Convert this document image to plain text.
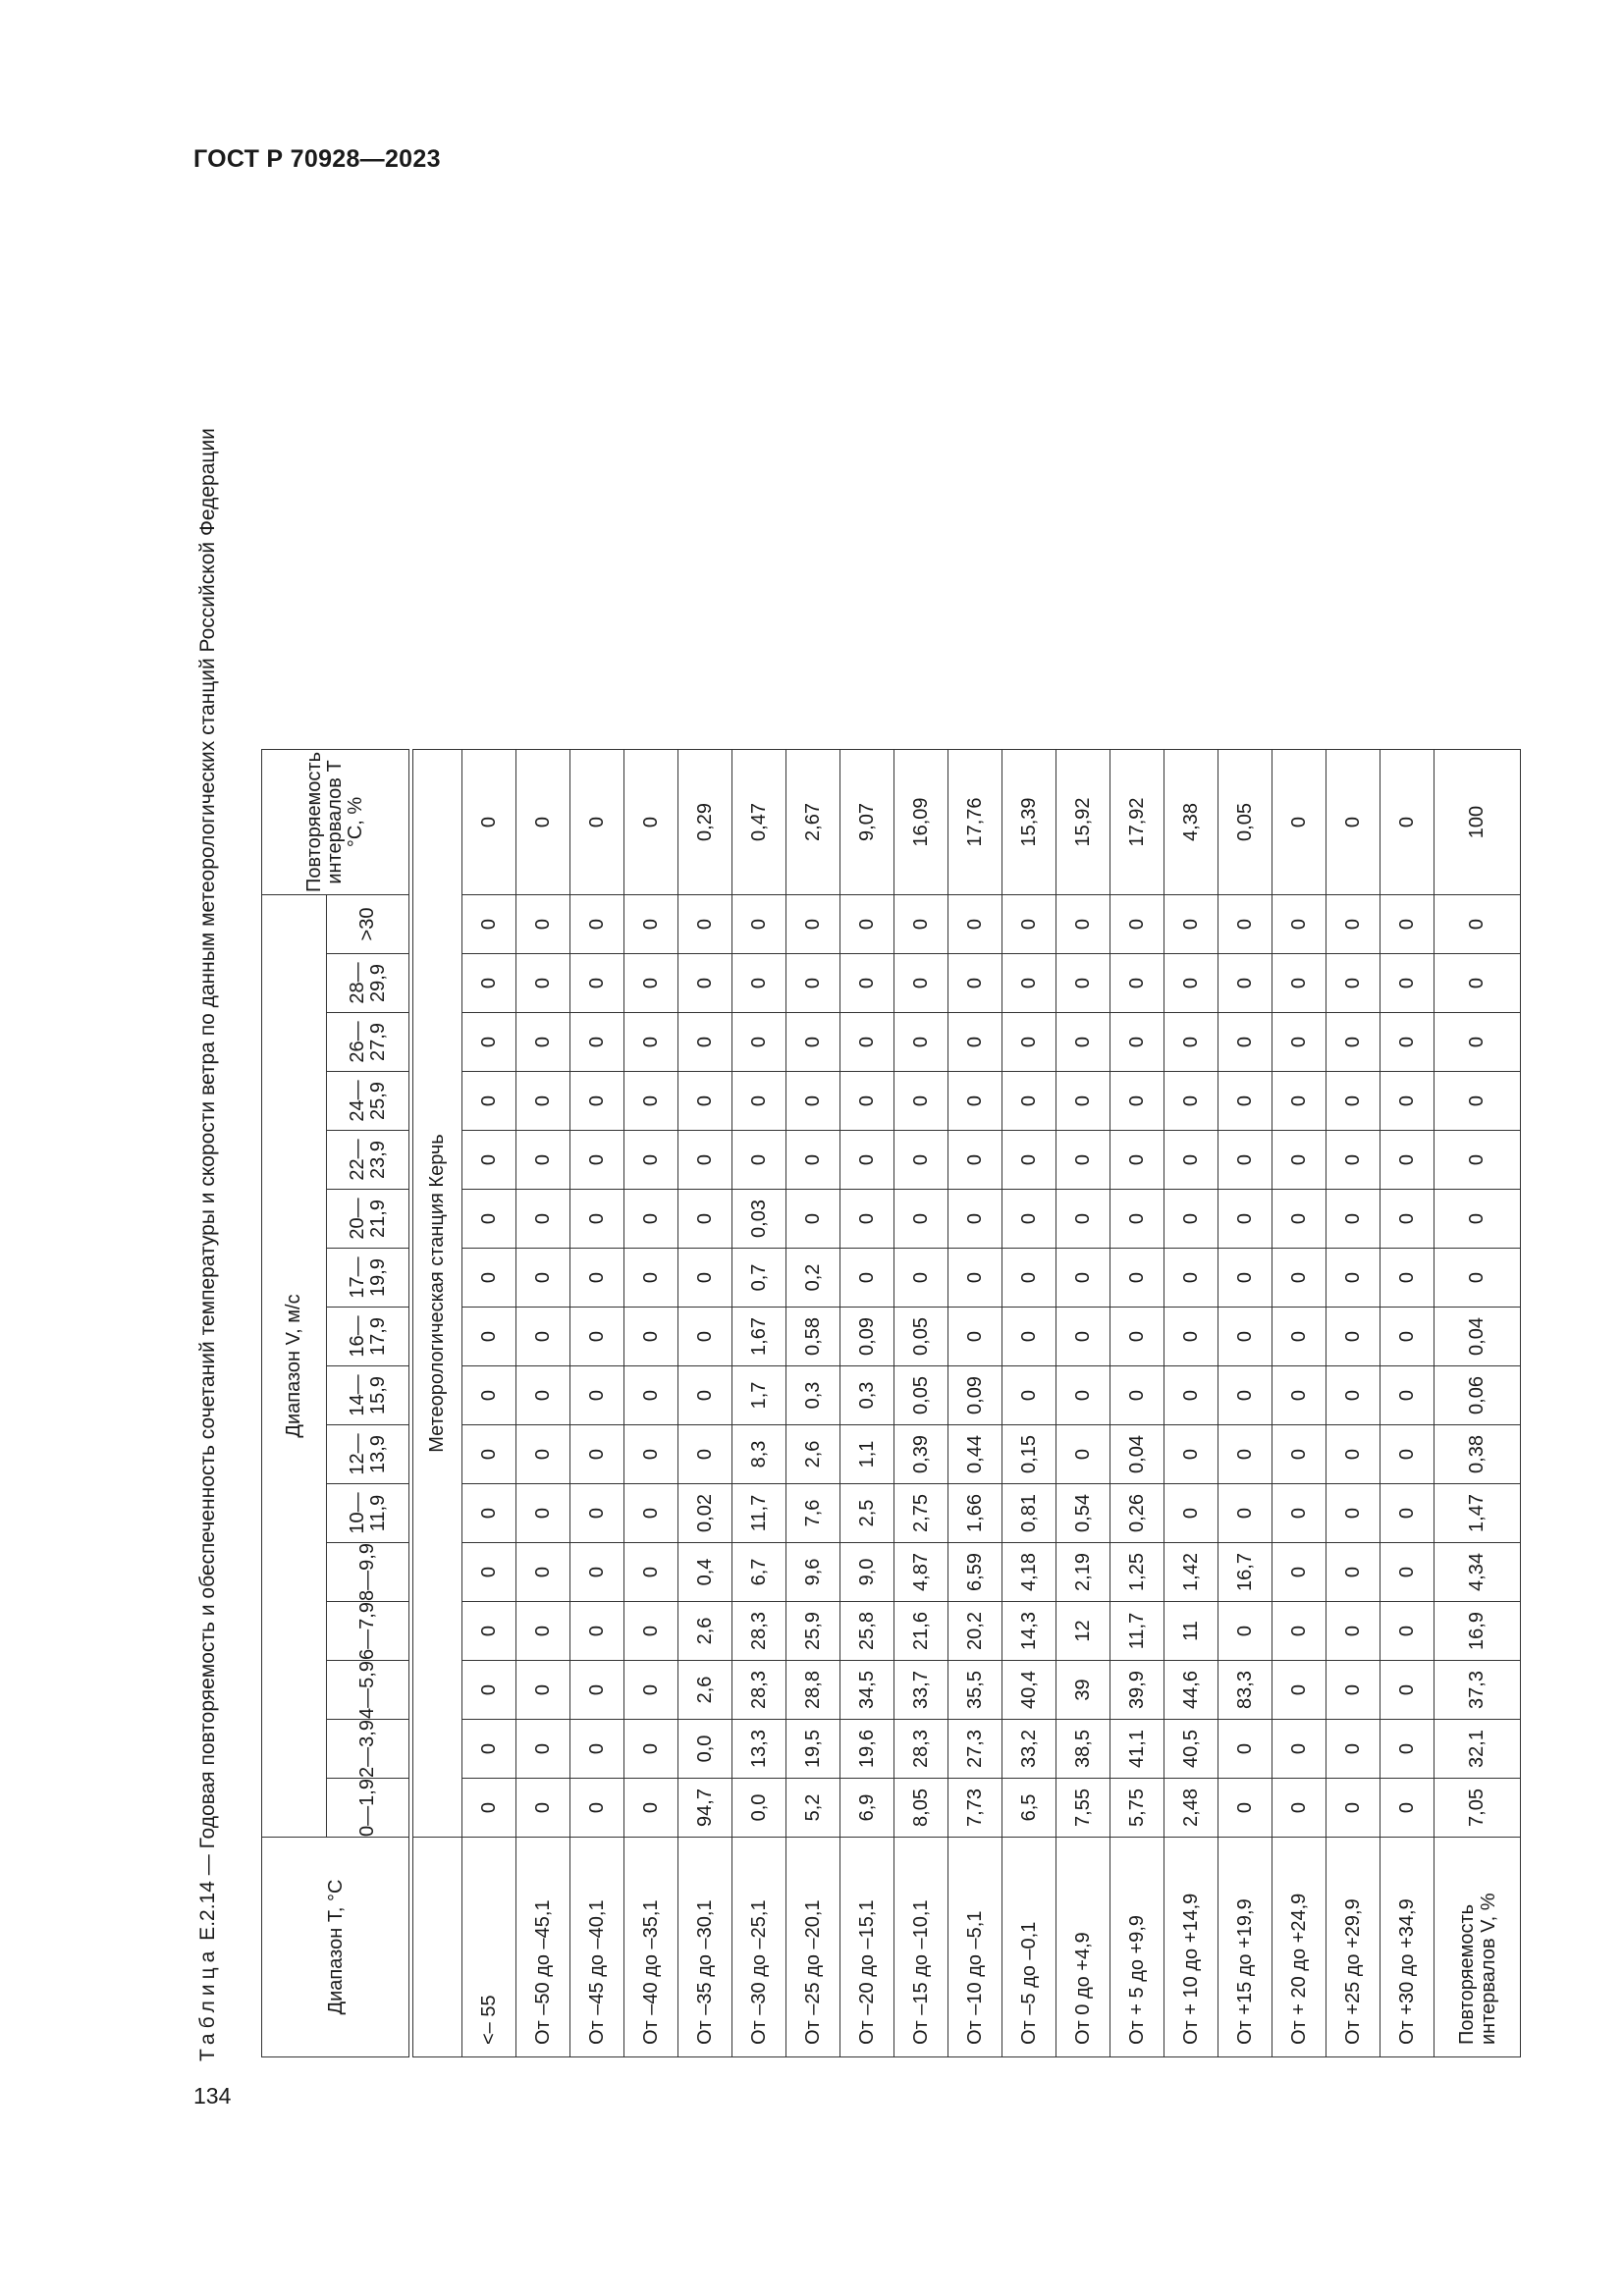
ГОСТ Р 70928—2023
134
Таблица Е.2.14 — Годовая повторяемость и обеспеченность сочетаний температуры и скорости ветра по данным метеорологических станций Российской Федерации
Диапазон T, °С	Диапазон V, м/с																Повторяемость интервалов T °С, %
	0—1,9	2—3,9	4—5,9	6—7,9	8—9,9	10—11,9	12—13,9	14—15,9	16—17,9	17—19,9	20—21,9	22—23,9	24—25,9	26—27,9	28—29,9	>30	

	Метеорологическая станция Керчь																
<– 55	0	0	0	0	0	0	0	0	0	0	0	0	0	0	0	0	0
От –50 до –45,1	0	0	0	0	0	0	0	0	0	0	0	0	0	0	0	0	0
От –45 до –40,1	0	0	0	0	0	0	0	0	0	0	0	0	0	0	0	0	0
От –40 до –35,1	0	0	0	0	0	0	0	0	0	0	0	0	0	0	0	0	0
От –35 до –30,1	94,7	0,0	2,6	2,6	0,4	0,02	0	0	0	0	0	0	0	0	0	0	0,29
От –30 до –25,1	0,0	13,3	28,3	28,3	6,7	11,7	8,3	1,7	1,67	0,7	0,03	0	0	0	0	0	0,47
От –25 до –20,1	5,2	19,5	28,8	25,9	9,6	7,6	2,6	0,3	0,58	0,2	0	0	0	0	0	0	2,67
От –20 до –15,1	6,9	19,6	34,5	25,8	9,0	2,5	1,1	0,3	0,09	0	0	0	0	0	0	0	9,07
От –15 до –10,1	8,05	28,3	33,7	21,6	4,87	2,75	0,39	0,05	0,05	0	0	0	0	0	0	0	16,09
От –10 до –5,1	7,73	27,3	35,5	20,2	6,59	1,66	0,44	0,09	0	0	0	0	0	0	0	0	17,76
От –5 до –0,1	6,5	33,2	40,4	14,3	4,18	0,81	0,15	0	0	0	0	0	0	0	0	0	15,39
От 0 до +4,9	7,55	38,5	39	12	2,19	0,54	0	0	0	0	0	0	0	0	0	0	15,92
От + 5 до +9,9	5,75	41,1	39,9	11,7	1,25	0,26	0,04	0	0	0	0	0	0	0	0	0	17,92
От + 10 до +14,9	2,48	40,5	44,6	11	1,42	0	0	0	0	0	0	0	0	0	0	0	4,38
От +15 до +19,9	0	0	83,3	0	16,7	0	0	0	0	0	0	0	0	0	0	0	0,05
От + 20 до +24,9	0	0	0	0	0	0	0	0	0	0	0	0	0	0	0	0	0
От +25 до +29,9	0	0	0	0	0	0	0	0	0	0	0	0	0	0	0	0	0
От +30 до +34,9	0	0	0	0	0	0	0	0	0	0	0	0	0	0	0	0	0
Повторяемость интервалов V, %	7,05	32,1	37,3	16,9	4,34	1,47	0,38	0,06	0,04	0	0	0	0	0	0	0	100
